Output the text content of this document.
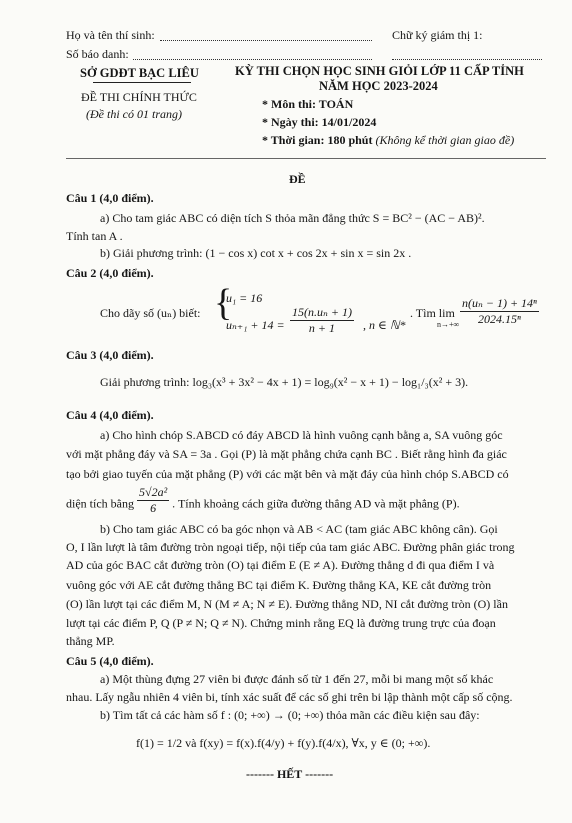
Họ và tên thí sinh:	Chữ ký giám thị 1:
Số báo danh:
SỞ GDĐT BẠC LIÊU
ĐỀ THI CHÍNH THỨC
(Đề thi có 01 trang)
KỲ THI CHỌN HỌC SINH GIỎI LỚP 11 CẤP TỈNH
NĂM HỌC 2023-2024
* Môn thi: TOÁN
* Ngày thi: 14/01/2024
* Thời gian: 180 phút (Không kể thời gian giao đề)
ĐỀ
Câu 1 (4,0 điểm).
a) Cho tam giác ABC có diện tích S thỏa mãn đẳng thức S = BC² − (AC − AB)².
Tính tan A .
b) Giải phương trình: (1 − cos x) cot x + cos 2x + sin x = sin 2x .
Câu 2 (4,0 điểm).
Cho dãy số (uₙ) biết: {
u₁ = 16
$u_{n+1} + 14 = \frac{\text{15(n.uₙ + 1)}}{n + 1}$ , n ∈ ℕ*
. Tìm lim
$n\to+\infty \frac{\text{n(uₙ − 1) + 14ⁿ}}{\text{2024.15ⁿ}}$
Câu 3 (4,0 điểm).
Giải phương trình: log₃(x³ + 3x² − 4x + 1) = log₉(x² − x + 1) − log₁/₃(x² + 3).
Câu 4 (4,0 điểm).
a) Cho hình chóp S.ABCD có đáy ABCD là hình vuông cạnh bằng a, SA vuông góc
với mặt phẳng đáy và SA = 3a . Gọi (P) là mặt phẳng chứa cạnh BC . Biết rằng hình đa giác
tạo bởi giao tuyến của mặt phẳng (P) với các mặt bên và mặt đáy của hình chóp S.ABCD có
diện tích bằng $\frac{\text{5√2a²}}{6}$ . Tính khoảng cách giữa đường thẳng AD và mặt phẳng (P).
b) Cho tam giác ABC có ba góc nhọn và AB < AC (tam giác ABC không cân). Gọi
O, I lần lượt là tâm đường tròn ngoại tiếp, nội tiếp của tam giác ABC. Đường phân giác trong
AD của góc BAC cắt đường tròn (O) tại điểm E (E ≠ A). Đường thẳng d đi qua điểm I và
vuông góc với AE cắt đường thẳng BC tại điểm K. Đường thẳng KA, KE cắt đường tròn
(O) lần lượt tại các điểm M, N (M ≠ A; N ≠ E). Đường thẳng ND, NI cắt đường tròn (O) lần
lượt tại các điểm P, Q (P ≠ N; Q ≠ N). Chứng minh rằng EQ là đường trung trực của đoạn
thẳng MP.
Câu 5 (4,0 điểm).
a) Một thùng đựng 27 viên bi được đánh số từ 1 đến 27, mỗi bi mang một số khác
nhau. Lấy ngẫu nhiên 4 viên bi, tính xác suất để các số ghi trên bi lập thành một cấp số cộng.
b) Tìm tất cả các hàm số f : (0; +∞) → (0; +∞) thỏa mãn các điều kiện sau đây:
f(1) = 1/2 và f(xy) = f(x).f(4/y) + f(y).f(4/x), ∀x, y ∈ (0; +∞).
------- HẾT -------
